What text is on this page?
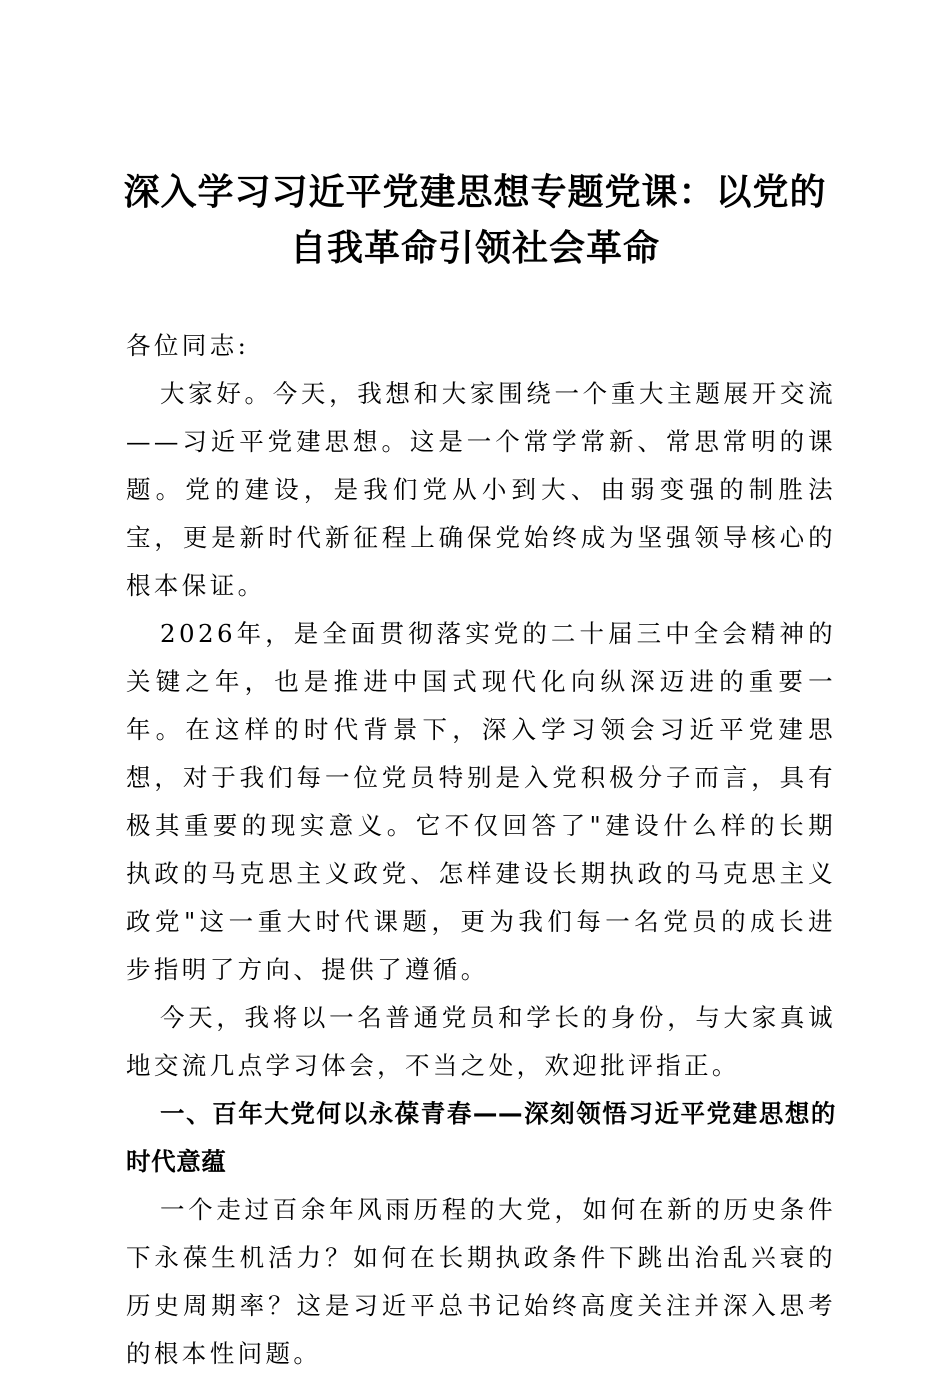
深入学习习近平党建思想专题党课：以党的自我革命引领社会革命

各位同志:

大家好。今天，我想和大家围绕一个重大主题展开交流——习近平党建思想。这是一个常学常新、常思常明的课题。党的建设，是我们党从小到大、由弱变强的制胜法宝，更是新时代新征程上确保党始终成为坚强领导核心的根本保证。

2026年，是全面贯彻落实党的二十届三中全会精神的关键之年，也是推进中国式现代化向纵深迈进的重要一年。在这样的时代背景下，深入学习领会习近平党建思想，对于我们每一位党员特别是入党积极分子而言，具有极其重要的现实意义。它不仅回答了"建设什么样的长期执政的马克思主义政党、怎样建设长期执政的马克思主义政党"这一重大时代课题，更为我们每一名党员的成长进步指明了方向、提供了遵循。

今天，我将以一名普通党员和学长的身份，与大家真诚地交流几点学习体会，不当之处，欢迎批评指正。

一、百年大党何以永葆青春——深刻领悟习近平党建思想的时代意蕴

一个走过百余年风雨历程的大党，如何在新的历史条件下永葆生机活力？如何在长期执政条件下跳出治乱兴衰的历史周期率？这是习近平总书记始终高度关注并深入思考的根本性问题。
